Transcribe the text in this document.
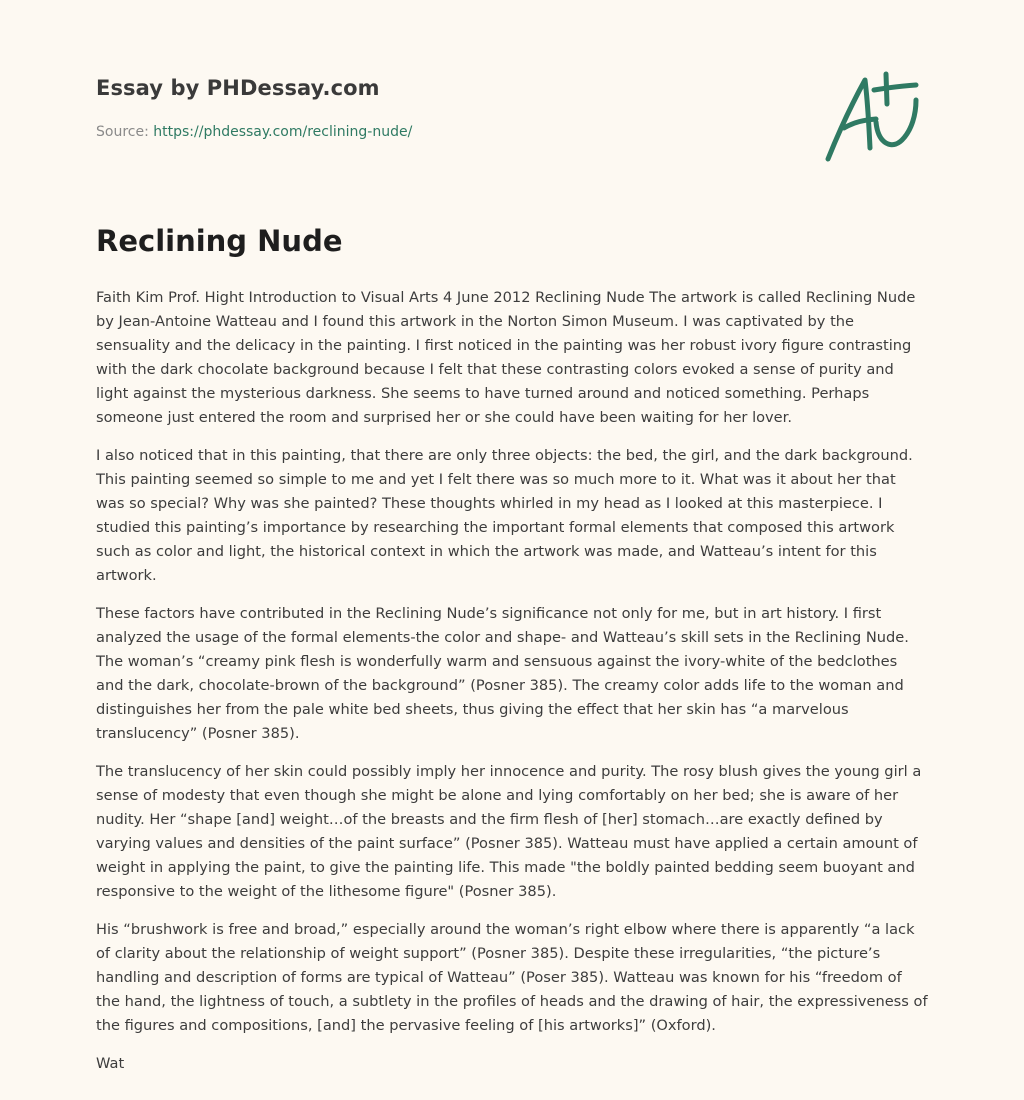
Essay by PHDessay.com
Source: https://phdessay.com/reclining-nude/
Reclining Nude

Faith Kim Prof. Hight Introduction to Visual Arts 4 June 2012 Reclining Nude The artwork is called Reclining Nude by Jean-Antoine Watteau and I found this artwork in the Norton Simon Museum. I was captivated by the sensuality and the delicacy in the painting. I first noticed in the painting was her robust ivory figure contrasting with the dark chocolate background because I felt that these contrasting colors evoked a sense of purity and light against the mysterious darkness. She seems to have turned around and noticed something. Perhaps someone just entered the room and surprised her or she could have been waiting for her lover.

I also noticed that in this painting, that there are only three objects: the bed, the girl, and the dark background. This painting seemed so simple to me and yet I felt there was so much more to it. What was it about her that was so special? Why was she painted? These thoughts whirled in my head as I looked at this masterpiece. I studied this painting’s importance by researching the important formal elements that composed this artwork such as color and light, the historical context in which the artwork was made, and Watteau’s intent for this artwork.

These factors have contributed in the Reclining Nude’s significance not only for me, but in art history. I first analyzed the usage of the formal elements-the color and shape- and Watteau’s skill sets in the Reclining Nude. The woman’s “creamy pink flesh is wonderfully warm and sensuous against the ivory-white of the bedclothes and the dark, chocolate-brown of the background” (Posner 385). The creamy color adds life to the woman and distinguishes her from the pale white bed sheets, thus giving the effect that her skin has “a marvelous translucency” (Posner 385).

The translucency of her skin could possibly imply her innocence and purity. The rosy blush gives the young girl a sense of modesty that even though she might be alone and lying comfortably on her bed; she is aware of her nudity. Her “shape [and] weight…of the breasts and the firm flesh of [her] stomach…are exactly defined by varying values and densities of the paint surface” (Posner 385). Watteau must have applied a certain amount of weight in applying the paint, to give the painting life. This made "the boldly painted bedding seem buoyant and responsive to the weight of the lithesome figure" (Posner 385).

His “brushwork is free and broad,” especially around the woman’s right elbow where there is apparently “a lack of clarity about the relationship of weight support” (Posner 385). Despite these irregularities, “the picture’s handling and description of forms are typical of Watteau” (Poser 385). Watteau was known for his “freedom of the hand, the lightness of touch, a subtlety in the profiles of heads and the drawing of hair, the expressiveness of the figures and compositions, [and] the pervasive feeling of [his artworks]” (Oxford).

Wat
